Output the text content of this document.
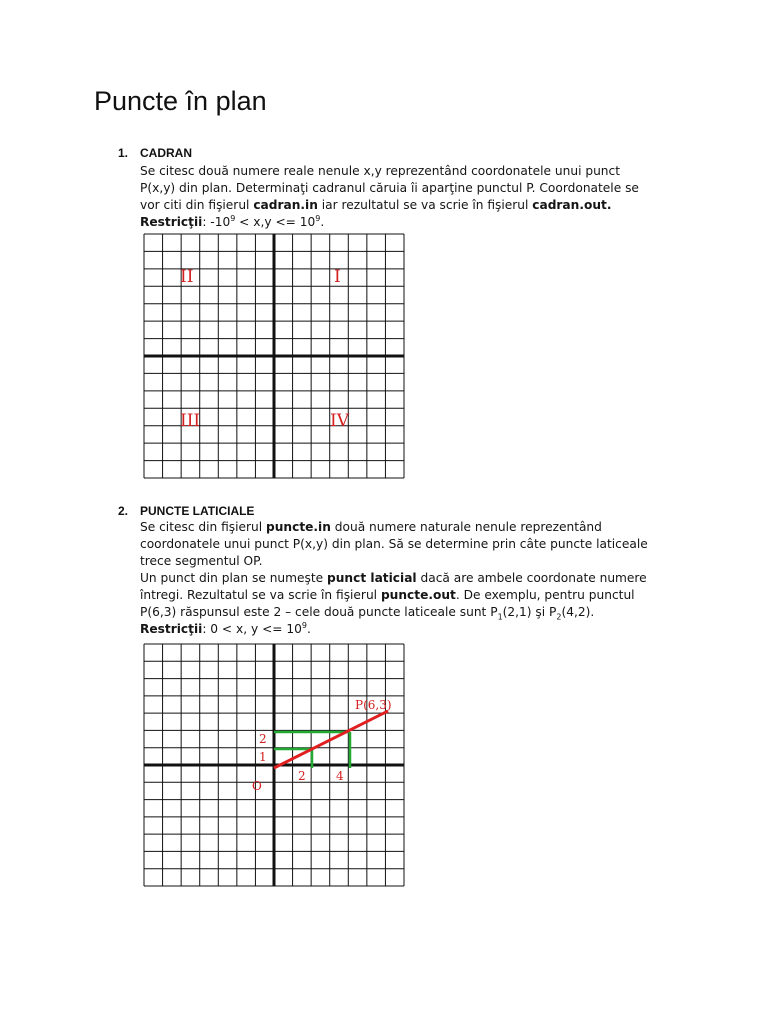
Puncte în plan
1. CADRAN

Se citesc două numere reale nenule x,y reprezentând coordonatele unui punct
P(x,y) din plan. Determinaţi cadranul căruia îi aparţine punctul P. Coordonatele se
vor citi din fişierul cadran.in iar rezultatul se va scrie în fişierul cadran.out.
Restricţii: $-10^9 < x,y <= 10^9$.

II	I
III	IV
2. PUNCTE LATICIALE

Se citesc din fişierul puncte.in două numere naturale nenule reprezentând
coordonatele unui punct P(x,y) din plan. Să se determine prin câte puncte laticeale
trece segmentul OP.
Un punct din plan se numeşte punct laticial dacă are ambele coordonate numere
întregi. Rezultatul se va scrie în fişierul puncte.out. De exemplu, pentru punctul
P(6,3) răspunsul este 2 – cele două puncte laticeale sunt $P_1(2,1)$ şi $P_2(4,2)$.
Restricţii: 0 < x, $y <= 10^9$.

P(6,3)
O
2	4
2
1
